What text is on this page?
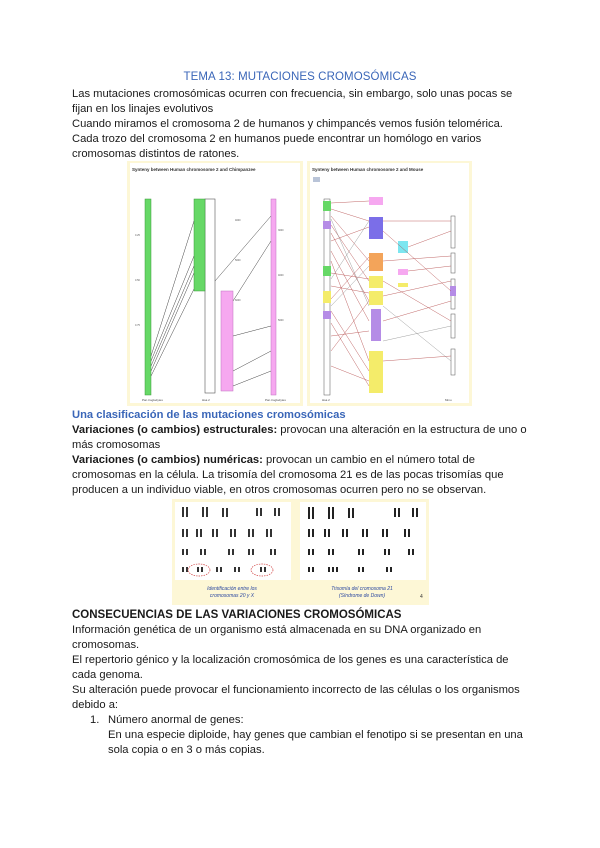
TEMA 13: MUTACIONES CROMOSÓMICAS
Las mutaciones cromosómicas ocurren con frecuencia, sin embargo, solo unas pocas se
fijan en los linajes evolutivos
Cuando miramos el cromosoma 2 de humanos y chimpancés vemos fusión telomérica.
Cada trozo del cromosoma 2 en humanos puede encontrar un homólogo en varios
cromosomas distintos de ratones.
Synteny between Human chromosome 2 and Chimpanzee
0.25
0.50
0.75
4000
5000
6000
3000
4000
5000
Pan troglodytes	Hsa 2	Pan troglodytes
Synteny between Human chromosome 2 and Mouse
Hsa 2	Mmu
Una clasificación de las mutaciones cromosómicas
Variaciones (o cambios) estructurales: provocan una alteración en la estructura de uno o
más cromosomas
Variaciones (o cambios) numéricas: provocan un cambio en el número total de
cromosomas en la célula. La trisomía del cromosoma 21 es de las pocas trisomías que
producen a un individuo viable, en otros cromosomas ocurren pero no se observan.
Identificación entre los
cromosomas 20 y X
Trisomía del cromosoma 21
(Síndrome de Down)	4
CONSECUENCIAS DE LAS VARIACIONES CROMOSÓMICAS
Información genética de un organismo está almacenada en su DNA organizado en
cromosomas.
El repertorio génico y la localización cromosómica de los genes es una característica de
cada genoma.
Su alteración puede provocar el funcionamiento incorrecto de las células o los organismos
debido a:
1. Número anormal de genes:
En una especie diploide, hay genes que cambian el fenotipo si se presentan en una
sola copia o en 3 o más copias.
